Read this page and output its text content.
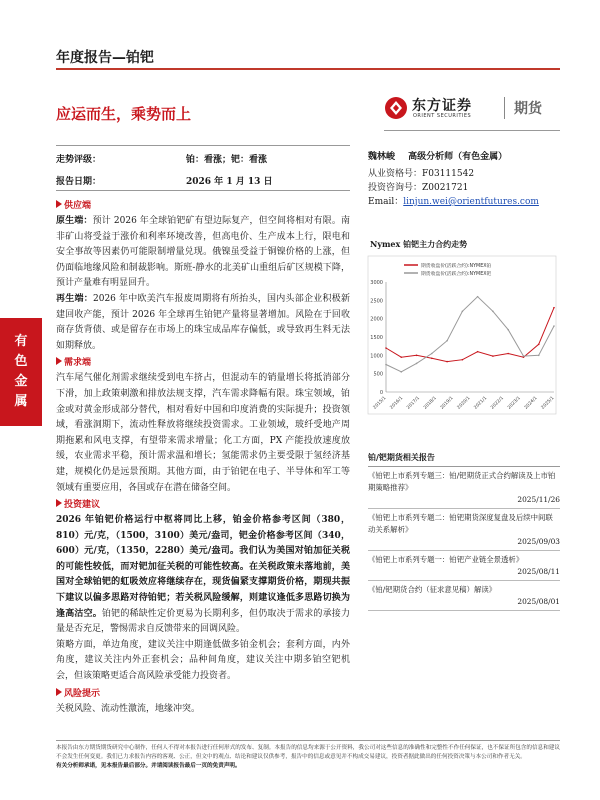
年度报告—铂钯
应运而生，乘势而上	东方证券
ORIENT SECURITIES	期货
走势评级：	铂：看涨；钯：看涨
报告日期：	2026 年 1 月 13 日
有色金属
供应端

原生端：预计 2026 年全球铂钯矿有望边际复产，但空间将相对有限。南非矿山将受益于涨价和利率环境改善，但高电价、生产成本上行，限电和安全事故等因素仍可能限制增量兑现。俄镍虽受益于铜镍价格的上涨，但仍面临地缘风险和制裁影响。斯班-静水的北美矿山重组后矿区规模下降，预计产量难有明显回升。

再生端：2026 年中欧美汽车报废周期将有所抬头，国内头部企业积极新建回收产能，预计 2026 年全球再生铂钯产量将显著增加。风险在于回收商存货背债、或是留存在市场上的珠宝成品库存偏低，或导致再生料无法如期释放。

需求端

汽车尾气催化剂需求继续受到电车挤占，但混动车的销量增长将抵消部分下滑，加上政策刺激和排放法规支撑，汽车需求降幅有限。珠宝领域，铂金或对黄金形成部分替代，相对看好中国和印度消费的实际提升；投资领域，看涨洞期下，流动性释放将继续投资需求。工业领域，玻纤受地产周期拖累和风电支撑，有望带来需求增量；化工方面，PX 产能投放速度放缓，农业需求平稳，预计需求温和增长；氢能需求仍主要受限于氢经济基建，规模化仍是远景预期。其他方面，由于铂钯在电子、半导体和军工等领域有重要应用，各国或存在潜在储备空间。

投资建议

2026 年铂钯价格运行中枢将同比上移，铂金价格参考区间（380，810）元/克，（1500，3100）美元/盎司，钯金价格参考区间（340，600）元/克，（1350，2280）美元/盎司。我们认为美国对铂加征关税的可能性较低，而对钯加征关税的可能性较高。在关税政策未落地前，美国对全球铂钯的虹吸效应将继续存在，现货偏紧支撑期货价格，期现共振下建议以偏多思路对待铂钯；若关税风险缓解，则建议逢低多思路切换为逢高沽空。铂钯的稀缺性定价更易为长期利多，但仍取决于需求的承接力量是否充足，警惕需求自反馈带来的回调风险。

策略方面，单边角度，建议关注中期逢低做多铂金机会；套利方面，内外角度，建议关注内外正套机会；品种间角度，建议关注中期多铂空钯机会，但该策略更适合高风险承受能力投资者。

风险提示

关税风险、流动性激流，地缘冲突。

魏林峻 高级分析师（有色金属）
从业资格号：F03111542
投资咨询号：Z0021721
Email：linjun.wei@orientfutures.com
Nymex 铂钯主力合约走势
0
500
1000
1500
2000
2500
3000
2015/1 2016/1 2017/1 2018/1 2019/1 2020/1 2021/1 2022/1 2023/1 2024/1 2025/1
期货收盘价(活跃合约):NYMEX铂
期货收盘价(活跃合约):NYMEX钯
铂/钯期货相关报告
《铂钯上市系列专题三：铂/钯期货正式合约解读及上市铂期策略推荐》
2025/11/26
《铂钯上市系列专题二：铂钯期货深度复盘及后续中间联动关系解析》
2025/09/03
《铂钯上市系列专题一：铂钯产业链全景透析》
2025/08/11
《铂/钯期货合约（征求意见稿）解读》
2025/08/01
本报告由东方期货期货研究中心制作，任何人不得对本报告进行任何形式的发布、复制。本报告的信息均来源于公开资料，我公司对这些信息的准确性和完整性不作任何保证，也不保证所包含的信息和建议不会发生任何变更。我们已力求报告内容的客观、公正，但文中的观点、结论和建议仅供参考，报告中的信息或意见并不构成交易建议，投资者据此做出的任何投资决策与本公司和作者无关。
有关分析师承诺，见本报告最后部分。并请阅读报告最后一页的免责声明。
